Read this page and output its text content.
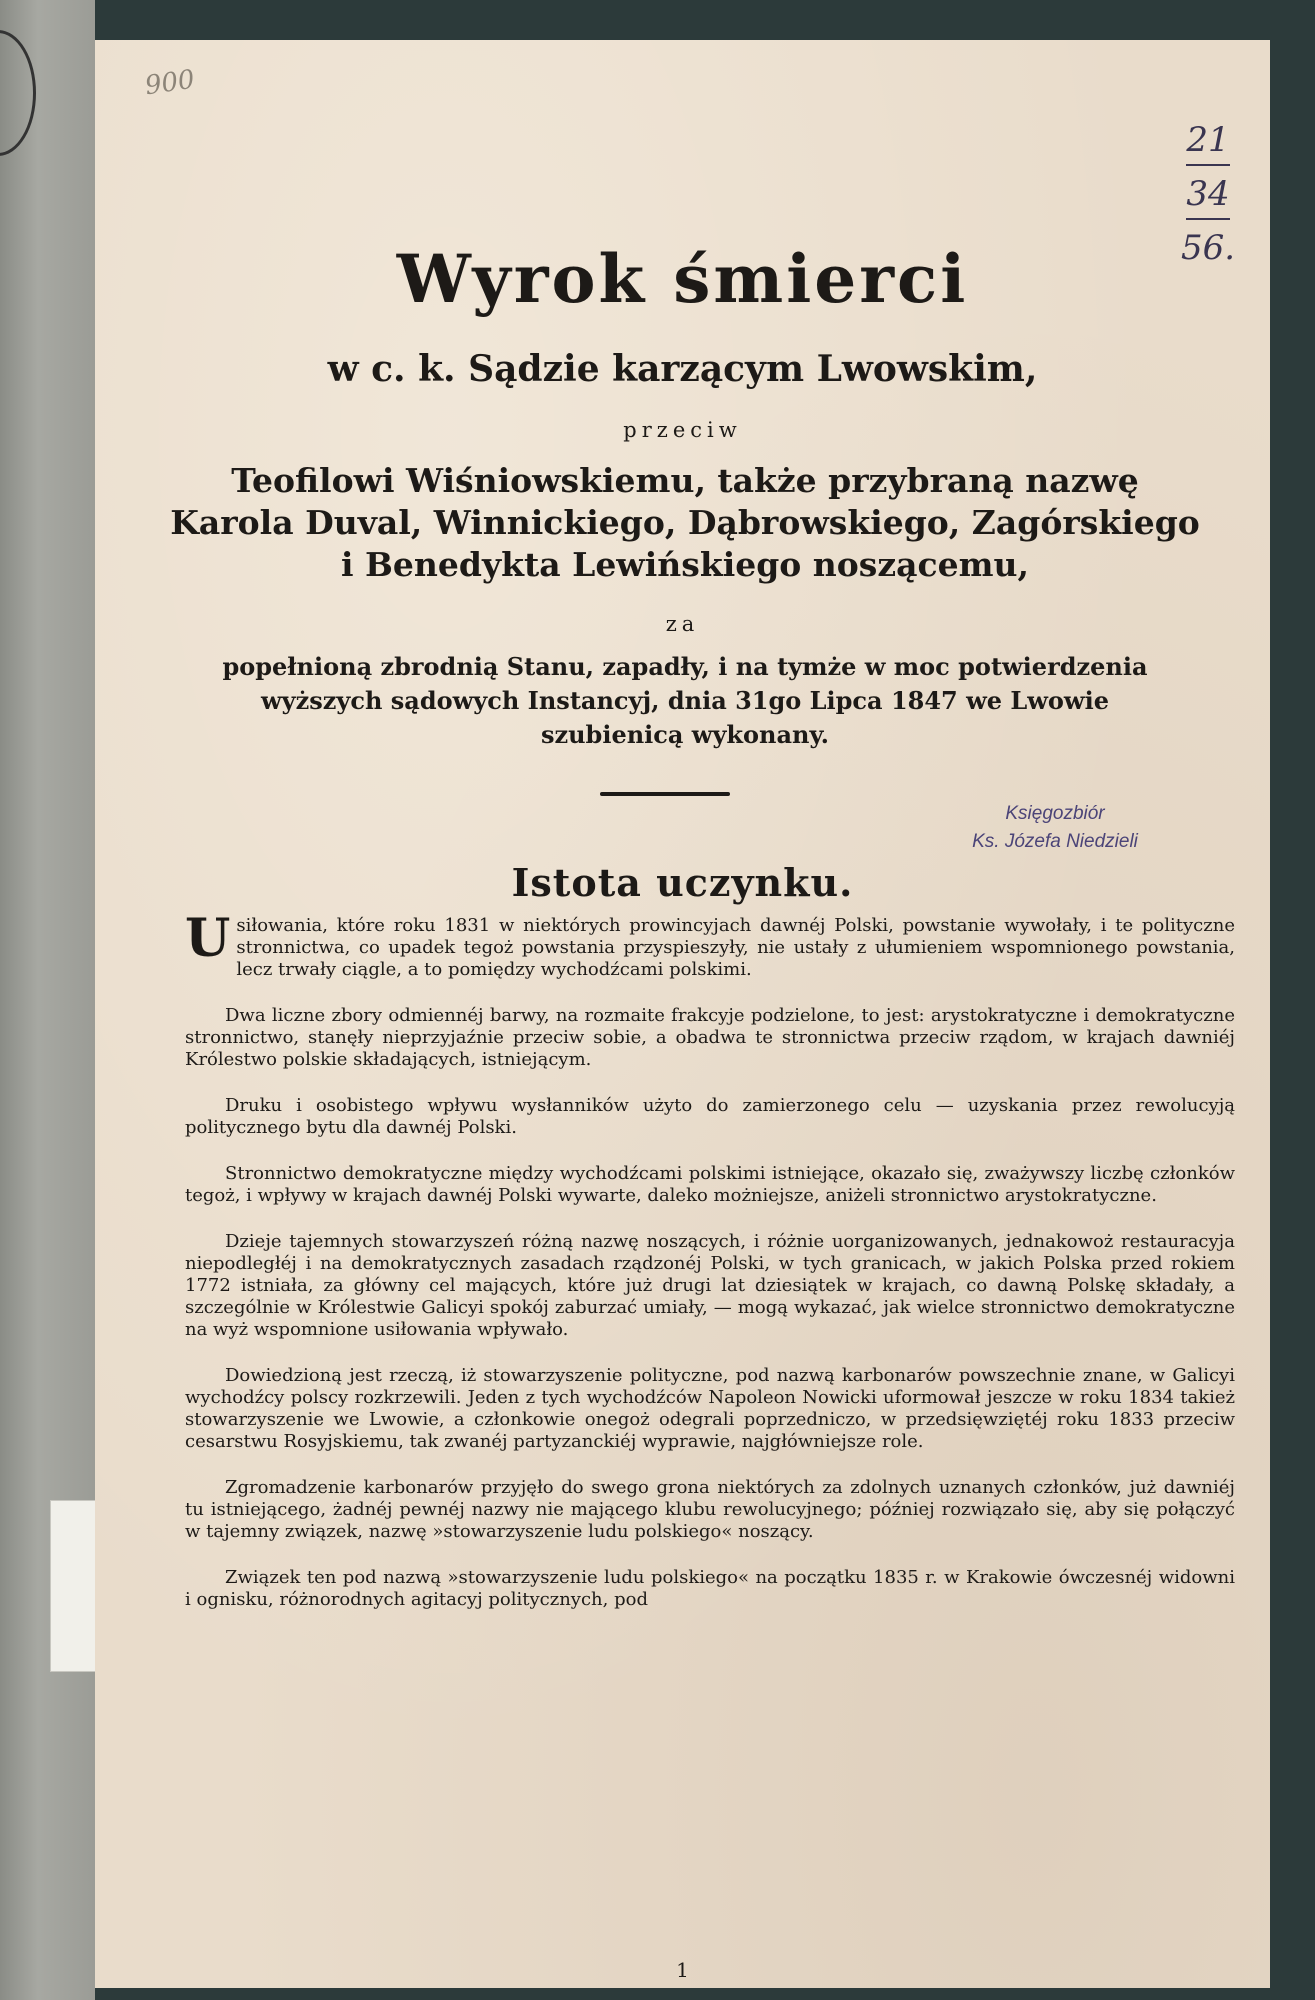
900
21
34
56.
Wyrok śmierci
w c. k. Sądzie karzącym Lwowskim,
przeciw
Teofilowi Wiśniowskiemu, także przybraną nazwę
Karola Duval, Winnickiego, Dąbrowskiego, Zagórskiego
i Benedykta Lewińskiego noszącemu,
za
popełnioną zbrodnią Stanu, zapadły, i na tymże w moc potwierdzenia
wyższych sądowych Instancyj, dnia 31go Lipca 1847 we Lwowie
szubienicą wykonany.
Księgozbiór
Ks. Józefa Niedzieli
Istota uczynku.

Usiłowania, które roku 1831 w niektórych prowincyjach dawnéj Polski, powstanie wywołały, i te polityczne stronnictwa, co upadek tegoż powstania przyspieszyły, nie ustały z ułumieniem wspomnionego powstania, lecz trwały ciągle, a to pomiędzy wychodźcami polskimi.

Dwa liczne zbory odmiennéj barwy, na rozmaite frakcyje podzielone, to jest: arystokratyczne i demokratyczne stronnictwo, stanęły nieprzyjaźnie przeciw sobie, a obadwa te stronnictwa przeciw rządom, w krajach dawniéj Królestwo polskie składających, istniejącym.

Druku i osobistego wpływu wysłanników użyto do zamierzonego celu — uzyskania przez rewolucyją politycznego bytu dla dawnéj Polski.

Stronnictwo demokratyczne między wychodźcami polskimi istniejące, okazało się, zważywszy liczbę członków tegoż, i wpływy w krajach dawnéj Polski wywarte, daleko możniejsze, aniżeli stronnictwo arystokratyczne.

Dzieje tajemnych stowarzyszeń różną nazwę noszących, i różnie uorganizowanych, jednakowoż restauracyja niepodległéj i na demokratycznych zasadach rządzonéj Polski, w tych granicach, w jakich Polska przed rokiem 1772 istniała, za główny cel mających, które już drugi lat dziesiątek w krajach, co dawną Polskę składały, a szczególnie w Królestwie Galicyi spokój zaburzać umiały, — mogą wykazać, jak wielce stronnictwo demokratyczne na wyż wspomnione usiłowania wpływało.

Dowiedzioną jest rzeczą, iż stowarzyszenie polityczne, pod nazwą karbonarów powszechnie znane, w Galicyi wychodźcy polscy rozkrzewili. Jeden z tych wychodźców Napoleon Nowicki uformował jeszcze w roku 1834 takież stowarzyszenie we Lwowie, a członkowie onegoż odegrali poprzedniczo, w przedsięwziętéj roku 1833 przeciw cesarstwu Rosyjskiemu, tak zwanéj partyzanckiéj wyprawie, najgłówniejsze role.

Zgromadzenie karbonarów przyjęło do swego grona niektórych za zdolnych uznanych członków, już dawniéj tu istniejącego, żadnéj pewnéj nazwy nie mającego klubu rewolucyjnego; później rozwiązało się, aby się połączyć w tajemny związek, nazwę »stowarzyszenie ludu polskiego« noszący.

Związek ten pod nazwą »stowarzyszenie ludu polskiego« na początku 1835 r. w Krakowie ówczesnéj widowni i ognisku, różnorodnych agitacyj politycznych, pod

1
